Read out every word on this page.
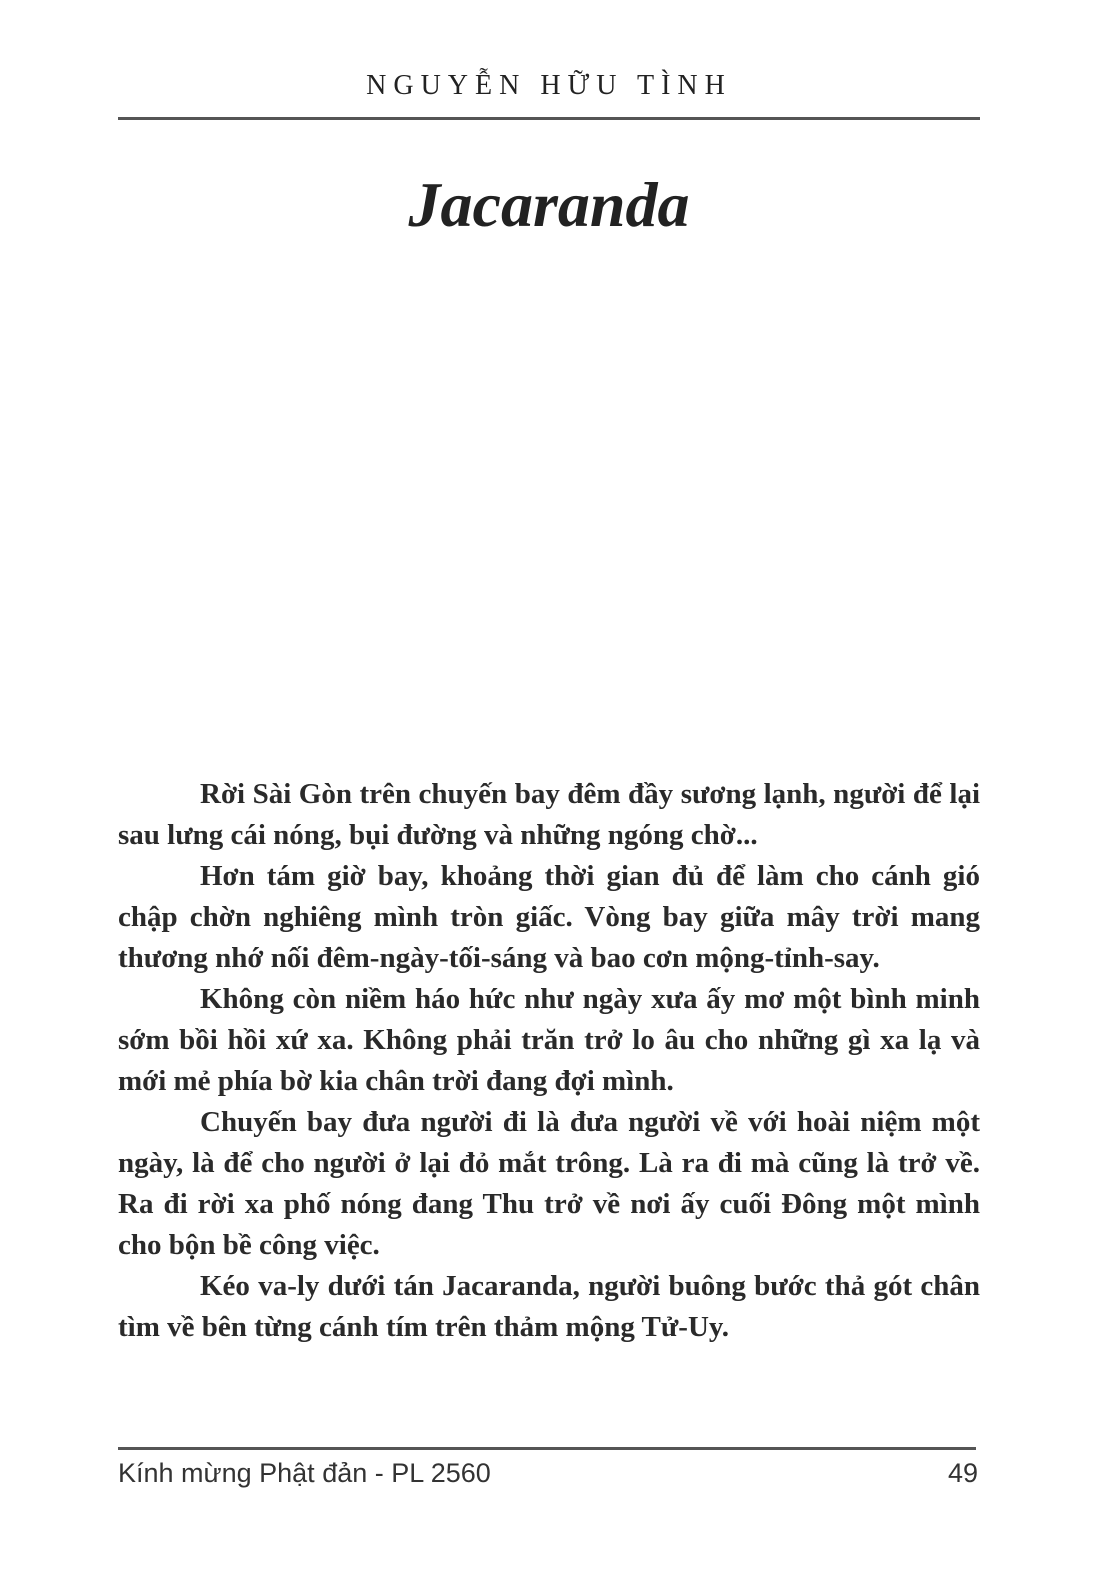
NGUYỄN HỮU TÌNH
Jacaranda

Rời Sài Gòn trên chuyến bay đêm đầy sương lạnh, người để lại sau lưng cái nóng, bụi đường và những ngóng chờ...

Hơn tám giờ bay, khoảng thời gian đủ để làm cho cánh gió chập chờn nghiêng mình tròn giấc. Vòng bay giữa mây trời mang thương nhớ nối đêm-ngày-tối-sáng và bao cơn mộng-tỉnh-say.

Không còn niềm háo hức như ngày xưa ấy mơ một bình minh sớm bồi hồi xứ xa. Không phải trăn trở lo âu cho những gì xa lạ và mới mẻ phía bờ kia chân trời đang đợi mình.

Chuyến bay đưa người đi là đưa người về với hoài niệm một ngày, là để cho người ở lại đỏ mắt trông. Là ra đi mà cũng là trở về. Ra đi rời xa phố nóng đang Thu trở về nơi ấy cuối Đông một mình cho bộn bề công việc.

Kéo va-ly dưới tán Jacaranda, người buông bước thả gót chân tìm về bên từng cánh tím trên thảm mộng Tử-Uy.

Kính mừng Phật đản - PL 2560	49
